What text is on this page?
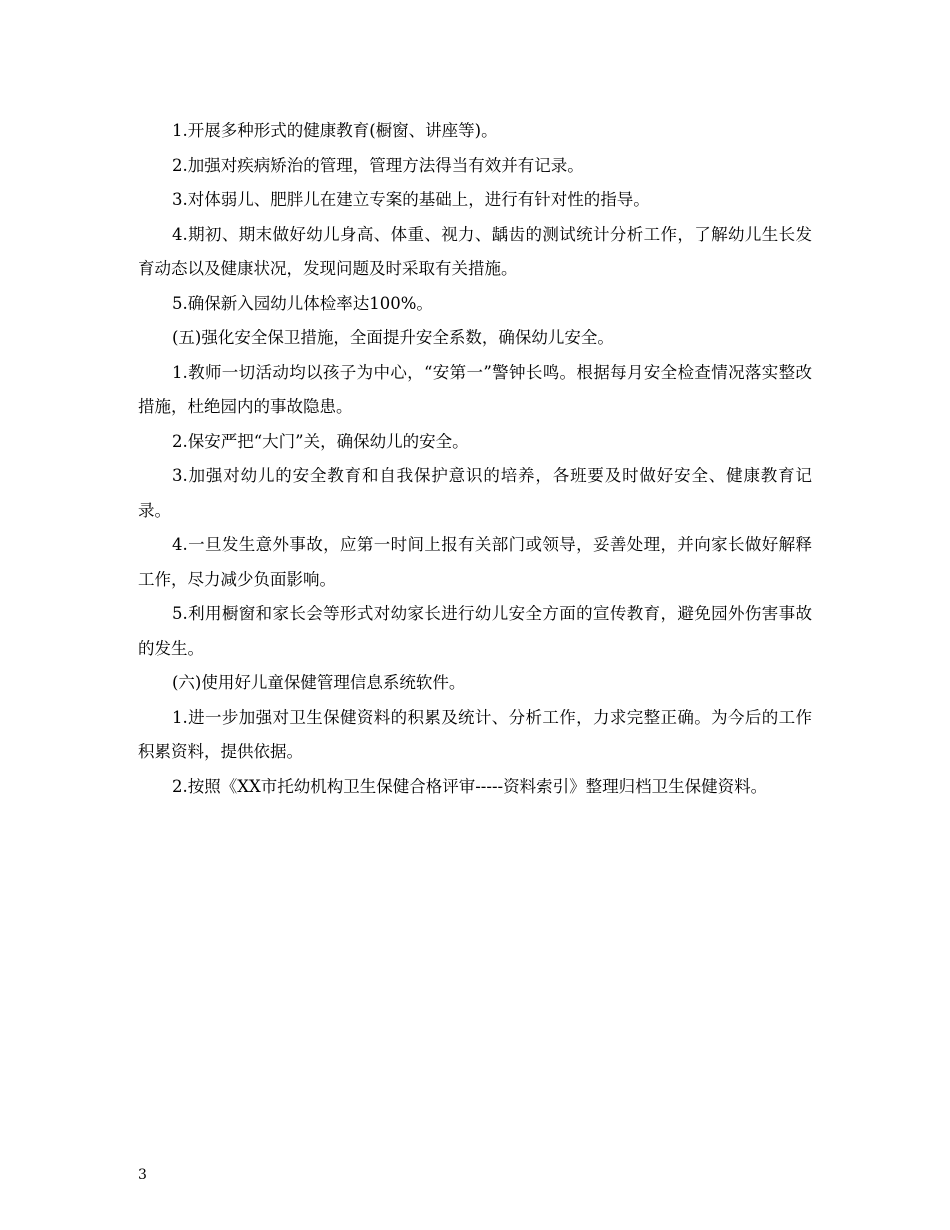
1.开展多种形式的健康教育(橱窗、讲座等)。

2.加强对疾病矫治的管理，管理方法得当有效并有记录。

3.对体弱儿、肥胖儿在建立专案的基础上，进行有针对性的指导。

4.期初、期末做好幼儿身高、体重、视力、龋齿的测试统计分析工作，了解幼儿生长发育动态以及健康状况，发现问题及时采取有关措施。

5.确保新入园幼儿体检率达100%。

(五)强化安全保卫措施，全面提升安全系数，确保幼儿安全。

1.教师一切活动均以孩子为中心，“安第一”警钟长鸣。根据每月安全检查情况落实整改措施，杜绝园内的事故隐患。

2.保安严把“大门”关，确保幼儿的安全。

3.加强对幼儿的安全教育和自我保护意识的培养，各班要及时做好安全、健康教育记录。

4.一旦发生意外事故，应第一时间上报有关部门或领导，妥善处理，并向家长做好解释工作，尽力减少负面影响。

5.利用橱窗和家长会等形式对幼家长进行幼儿安全方面的宣传教育，避免园外伤害事故的发生。

(六)使用好儿童保健管理信息系统软件。

1.进一步加强对卫生保健资料的积累及统计、分析工作，力求完整正确。为今后的工作积累资料，提供依据。

2.按照《XX市托幼机构卫生保健合格评审-----资料索引》整理归档卫生保健资料。

3
